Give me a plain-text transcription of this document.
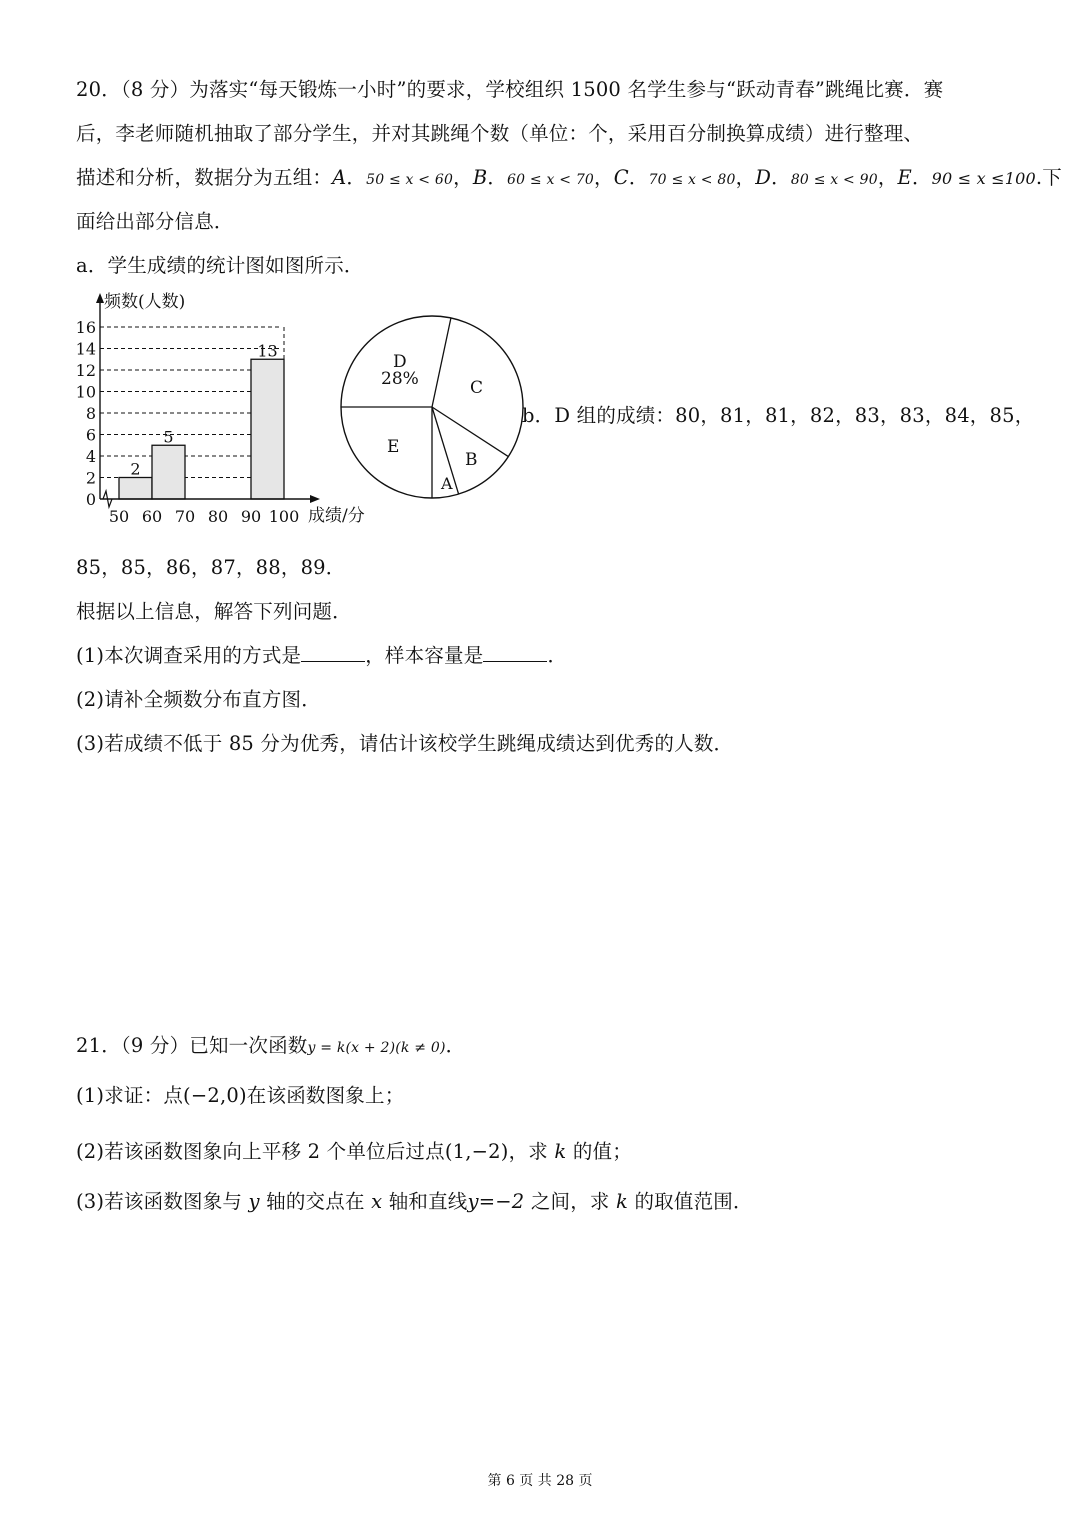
20．（8 分）为落实“每天锻炼一小时”的要求，学校组织 1500 名学生参与“跃动青春”跳绳比赛．赛
后，李老师随机抽取了部分学生，并对其跳绳个数（单位：个，采用百分制换算成绩）进行整理、
描述和分析，数据分为五组：A．50 ≤ x < 60，B．60 ≤ x < 70，C．70 ≤ x < 80，D．80 ≤ x < 90，E．90 ≤ x ≤100.下
面给出部分信息．
a．学生成绩的统计图如图所示．
频数(人数)
成绩/分
0
2
4
6
8
10
12
14
16
50 60 70 80 90 100
2
5
13
D
28%	C
B
A
E
b．D 组的成绩：80，81，81，82，83，83，84，85，
85，85，86，87，88，89．
根据以上信息，解答下列问题．
(1)本次调查采用的方式是	，样本容量是	．
(2)请补全频数分布直方图．
(3)若成绩不低于 85 分为优秀，请估计该校学生跳绳成绩达到优秀的人数．
21．（9 分）已知一次函数y = k(x + 2)(k ≠ 0)．
(1)求证：点(−2,0)在该函数图象上；
(2)若该函数图象向上平移 2 个单位后过点(1,−2)，求 k 的值；
(3)若该函数图象与 y 轴的交点在 x 轴和直线y=−2 之间，求 k 的取值范围．
第 6 页 共 28 页
